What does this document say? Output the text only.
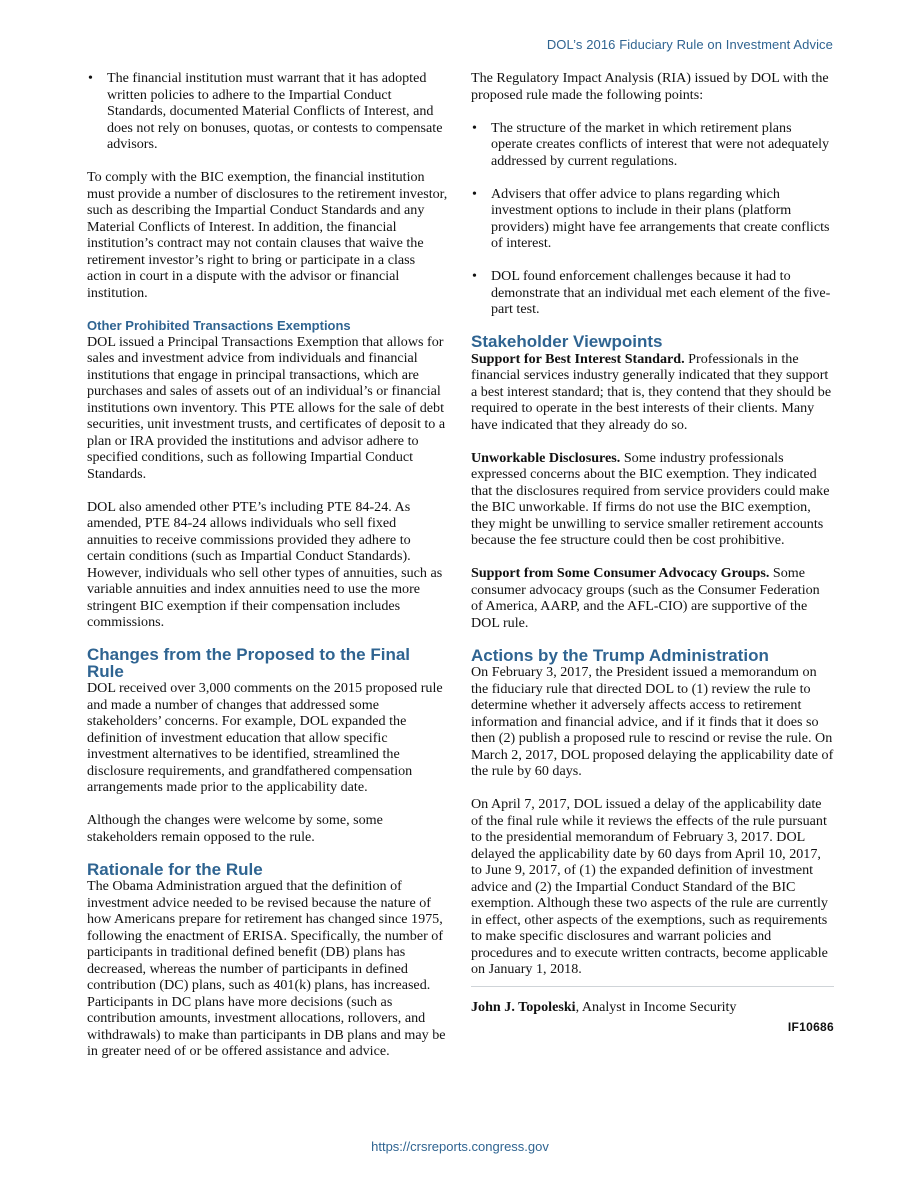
DOL’s 2016 Fiduciary Rule on Investment Advice
• The financial institution must warrant that it has adopted written policies to adhere to the Impartial Conduct Standards, documented Material Conflicts of Interest, and does not rely on bonuses, quotas, or contests to compensate advisors.

To comply with the BIC exemption, the financial institution must provide a number of disclosures to the retirement investor, such as describing the Impartial Conduct Standards and any Material Conflicts of Interest. In addition, the financial institution’s contract may not contain clauses that waive the retirement investor’s right to bring or participate in a class action in court in a dispute with the advisor or financial institution.

Other Prohibited Transactions Exemptions

DOL issued a Principal Transactions Exemption that allows for sales and investment advice from individuals and financial institutions that engage in principal transactions, which are purchases and sales of assets out of an individual’s or financial institutions own inventory. This PTE allows for the sale of debt securities, unit investment trusts, and certificates of deposit to a plan or IRA provided the institutions and advisor adhere to specified conditions, such as following Impartial Conduct Standards.

DOL also amended other PTE’s including PTE 84-24. As amended, PTE 84-24 allows individuals who sell fixed annuities to receive commissions provided they adhere to certain conditions (such as Impartial Conduct Standards). However, individuals who sell other types of annuities, such as variable annuities and index annuities need to use the more stringent BIC exemption if their compensation includes commissions.

Changes from the Proposed to the Final Rule

DOL received over 3,000 comments on the 2015 proposed rule and made a number of changes that addressed some stakeholders’ concerns. For example, DOL expanded the definition of investment education that allow specific investment alternatives to be identified, streamlined the disclosure requirements, and grandfathered compensation arrangements made prior to the applicability date.

Although the changes were welcome by some, some stakeholders remain opposed to the rule.

Rationale for the Rule

The Obama Administration argued that the definition of investment advice needed to be revised because the nature of how Americans prepare for retirement has changed since 1975, following the enactment of ERISA. Specifically, the number of participants in traditional defined benefit (DB) plans has decreased, whereas the number of participants in defined contribution (DC) plans, such as 401(k) plans, has increased. Participants in DC plans have more decisions (such as contribution amounts, investment allocations, rollovers, and withdrawals) to make than participants in DB plans and may be in greater need of or be offered assistance and advice.

The Regulatory Impact Analysis (RIA) issued by DOL with the proposed rule made the following points:

• The structure of the market in which retirement plans operate creates conflicts of interest that were not adequately addressed by current regulations.
• Advisers that offer advice to plans regarding which investment options to include in their plans (platform providers) might have fee arrangements that create conflicts of interest.
• DOL found enforcement challenges because it had to demonstrate that an individual met each element of the five-part test.
Stakeholder Viewpoints

Support for Best Interest Standard. Professionals in the financial services industry generally indicated that they support a best interest standard; that is, they contend that they should be required to operate in the best interests of their clients. Many have indicated that they already do so.

Unworkable Disclosures. Some industry professionals expressed concerns about the BIC exemption. They indicated that the disclosures required from service providers could make the BIC unworkable. If firms do not use the BIC exemption, they might be unwilling to service smaller retirement accounts because the fee structure could then be cost prohibitive.

Support from Some Consumer Advocacy Groups. Some consumer advocacy groups (such as the Consumer Federation of America, AARP, and the AFL-CIO) are supportive of the DOL rule.

Actions by the Trump Administration

On February 3, 2017, the President issued a memorandum on the fiduciary rule that directed DOL to (1) review the rule to determine whether it adversely affects access to retirement information and financial advice, and if it finds that it does so then (2) publish a proposed rule to rescind or revise the rule. On March 2, 2017, DOL proposed delaying the applicability date of the rule by 60 days.

On April 7, 2017, DOL issued a delay of the applicability date of the final rule while it reviews the effects of the rule pursuant to the presidential memorandum of February 3, 2017. DOL delayed the applicability date by 60 days from April 10, 2017, to June 9, 2017, of (1) the expanded definition of investment advice and (2) the Impartial Conduct Standard of the BIC exemption. Although these two aspects of the rule are currently in effect, other aspects of the exemptions, such as requirements to make specific disclosures and warrant policies and procedures and to execute written contracts, become applicable on January 1, 2018.

John J. Topoleski, Analyst in Income Security

IF10686
https://crsreports.congress.gov
